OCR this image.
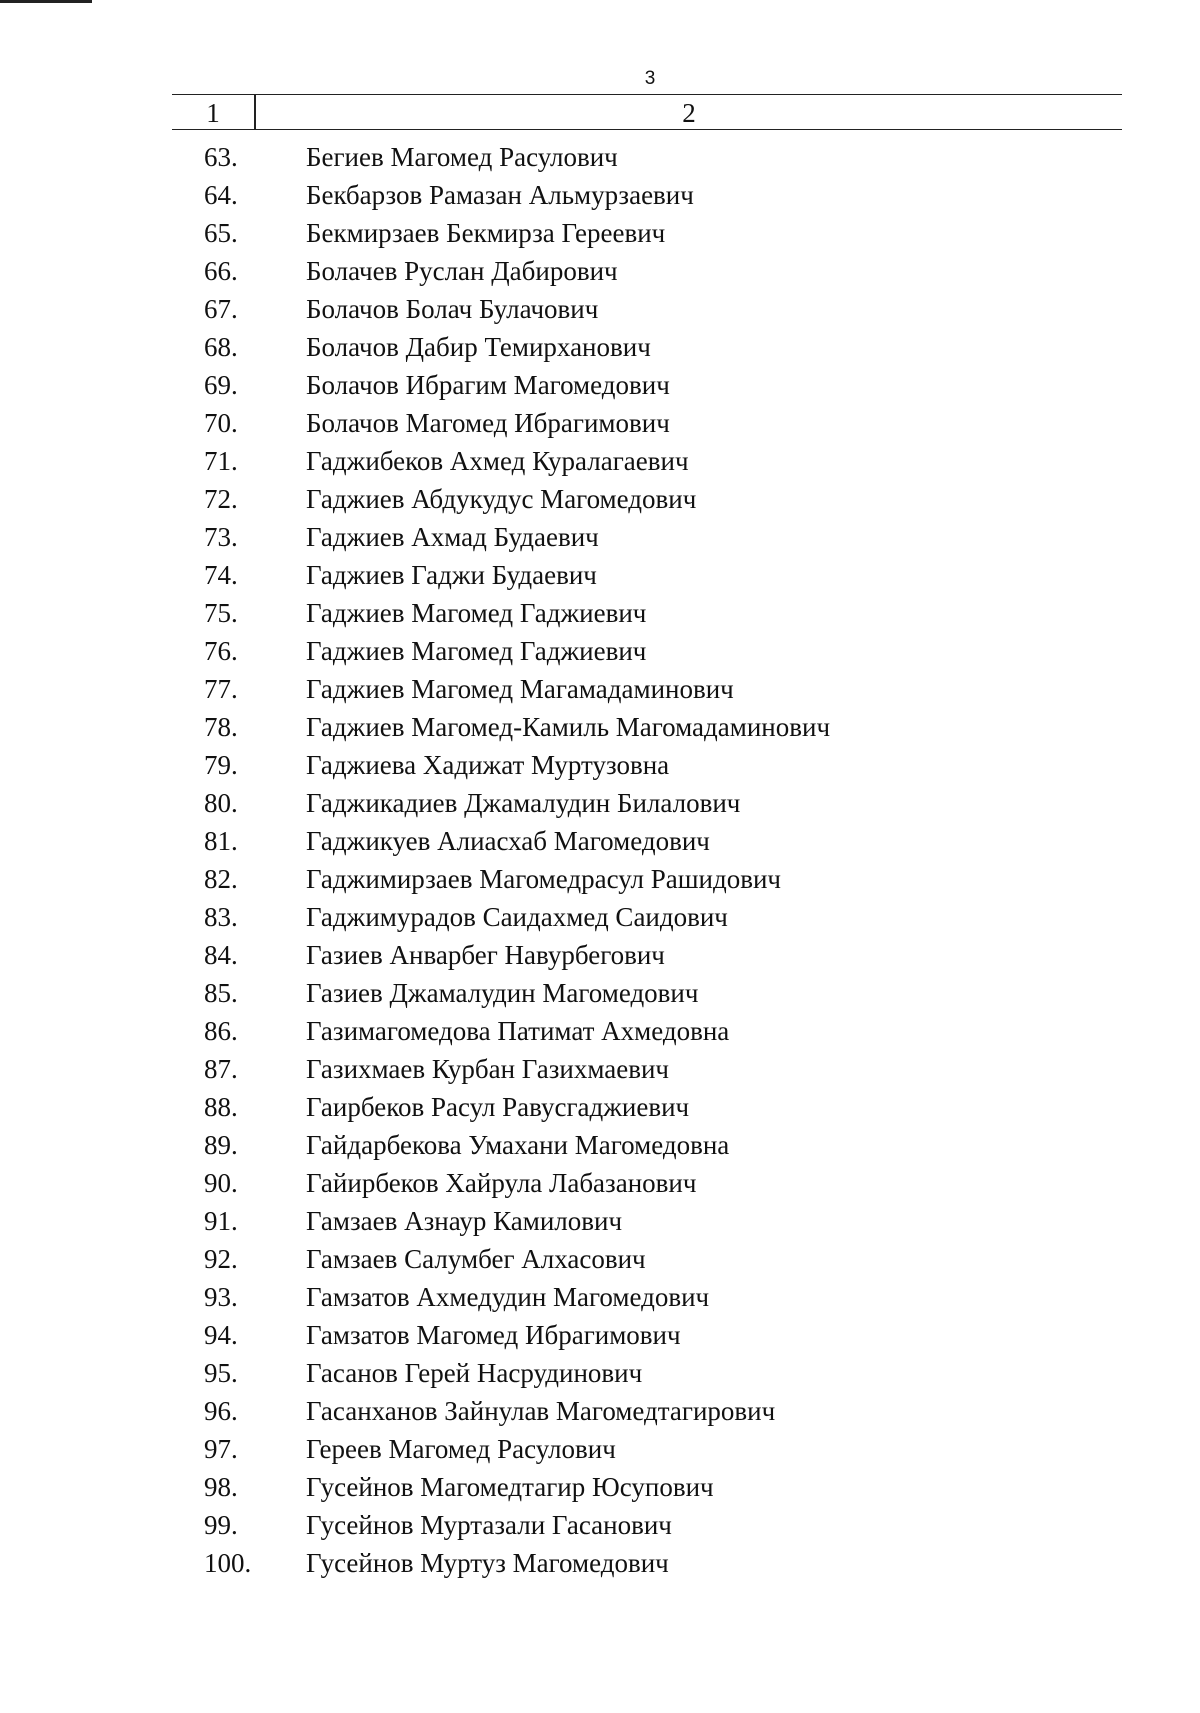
3
1	2
63.	Бегиев Магомед Расулович
64.	Бекбарзов Рамазан Альмурзаевич
65.	Бекмирзаев Бекмирза Гереевич
66.	Болачев Руслан Дабирович
67.	Болачов Болач Булачович
68.	Болачов Дабир Темирханович
69.	Болачов Ибрагим Магомедович
70.	Болачов Магомед Ибрагимович
71.	Гаджибеков Ахмед Куралагаевич
72.	Гаджиев Абдукудус Магомедович
73.	Гаджиев Ахмад Будаевич
74.	Гаджиев Гаджи Будаевич
75.	Гаджиев Магомед Гаджиевич
76.	Гаджиев Магомед Гаджиевич
77.	Гаджиев Магомед Магамадаминович
78.	Гаджиев Магомед-Камиль Магомадаминович
79.	Гаджиева Хадижат Муртузовна
80.	Гаджикадиев Джамалудин Билалович
81.	Гаджикуев Алиасхаб Магомедович
82.	Гаджимирзаев Магомедрасул Рашидович
83.	Гаджимурадов Саидахмед Саидович
84.	Газиев Анварбег Навурбегович
85.	Газиев Джамалудин Магомедович
86.	Газимагомедова Патимат Ахмедовна
87.	Газихмаев Курбан Газихмаевич
88.	Гаирбеков Расул Равусгаджиевич
89.	Гайдарбекова Умахани Магомедовна
90.	Гайирбеков Хайрула Лабазанович
91.	Гамзаев Азнаур Камилович
92.	Гамзаев Салумбег Алхасович
93.	Гамзатов Ахмедудин Магомедович
94.	Гамзатов Магомед Ибрагимович
95.	Гасанов Герей Насрудинович
96.	Гасанханов Зайнулав Магомедтагирович
97.	Гереев Магомед Расулович
98.	Гусейнов Магомедтагир Юсупович
99.	Гусейнов Муртазали Гасанович
100. Гусейнов Муртуз Магомедович
